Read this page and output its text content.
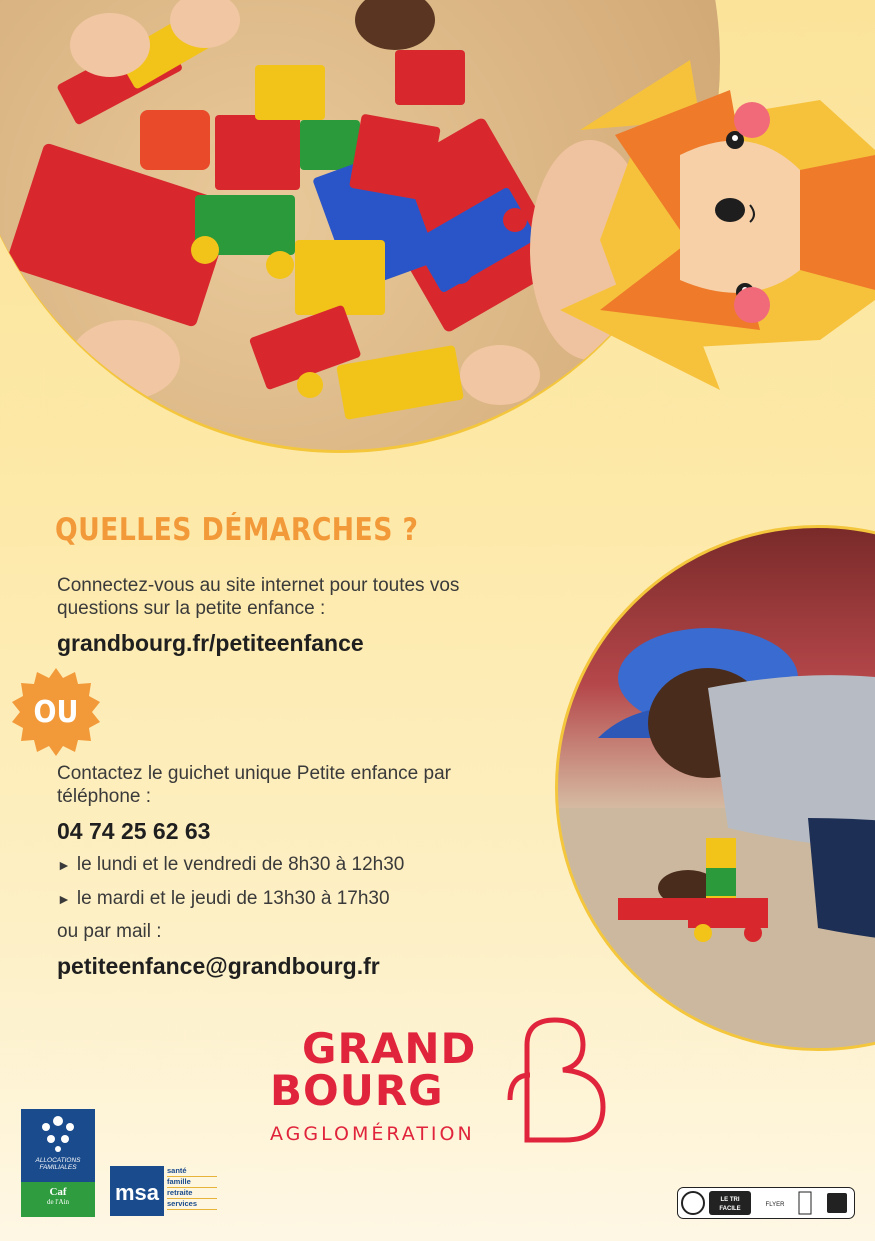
QUELLES DÉMARCHES ?
Connectez-vous au site internet pour toutes vos questions sur la petite enfance :
grandbourg.fr/petiteenfance
OU
Contactez le guichet unique Petite enfance par téléphone :
04 74 25 62 63
► le lundi et le vendredi de 8h30 à 12h30
► le mardi et le jeudi de 13h30 à 17h30
ou par mail :
petiteenfance@grandbourg.fr
GRAND
BOURG
AGGLOMÉRATION
ALLOCATIONS FAMILIALES
Caf
de l'Ain	msa
santé
famille
retraite
services	LE TRI
FACILE
FLYER
